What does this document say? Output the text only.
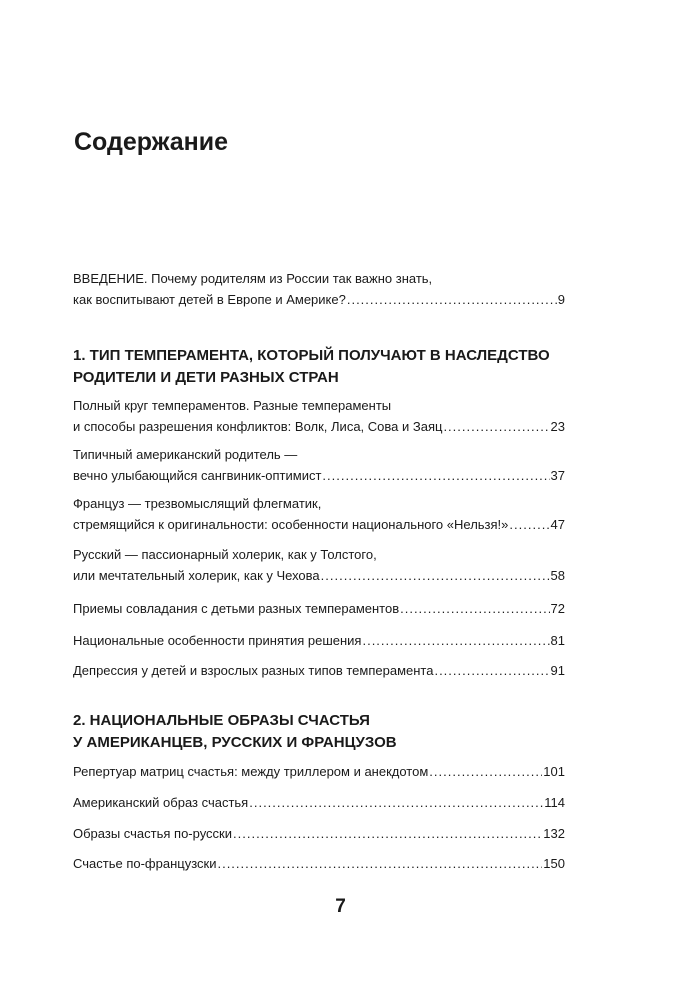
Содержание
ВВЕДЕНИЕ. Почему родителям из России так важно знать,
как воспитывают детей в Европе и Америке? .....	9
1. ТИП ТЕМПЕРАМЕНТА, КОТОРЫЙ ПОЛУЧАЮТ В НАСЛЕДСТВО
РОДИТЕЛИ И ДЕТИ РАЗНЫХ СТРАН
Полный круг темпераментов. Разные темпераменты
и способы разрешения конфликтов: Волк, Лиса, Сова и Заяц .....	23
Типичный американский родитель —
вечно улыбающийся сангвиник-оптимист .....	37
Француз — трезвомыслящий флегматик,
стремящийся к оригинальности: особенности национального «Нельзя!» .....	47
Русский — пассионарный холерик, как у Толстого,
или мечтательный холерик, как у Чехова .....	58
Приемы совладания с детьми разных темпераментов .....	72
Национальные особенности принятия решения .....	81
Депрессия у детей и взрослых разных типов темперамента .....	91
2. НАЦИОНАЛЬНЫЕ ОБРАЗЫ СЧАСТЬЯ
У АМЕРИКАНЦЕВ, РУССКИХ И ФРАНЦУЗОВ
Репертуар матриц счастья: между триллером и анекдотом .....	101
Американский образ счастья .....	114
Образы счастья по-русски .....	132
Счастье по-французски .....	150
7
